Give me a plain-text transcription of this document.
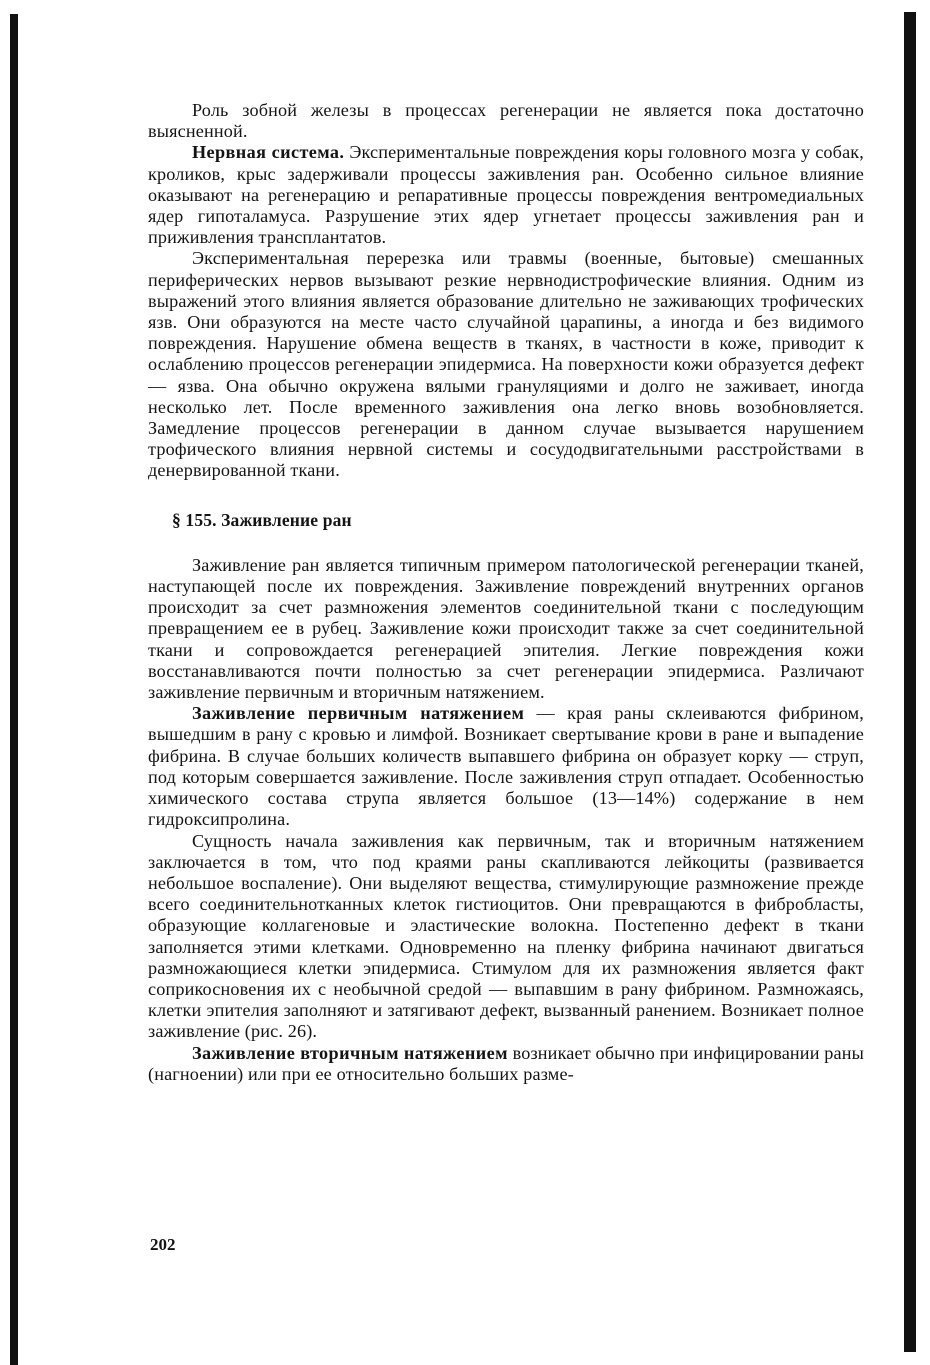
Роль зобной железы в процессах регенерации не является пока достаточно выясненной.

Нервная система. Экспериментальные повреждения коры головного мозга у собак, кроликов, крыс задерживали процессы заживления ран. Особенно сильное влияние оказывают на регенерацию и репаративные процессы повреждения вентромедиальных ядер гипоталамуса. Разрушение этих ядер угнетает процессы заживления ран и приживления трансплантатов.

Экспериментальная перерезка или травмы (военные, бытовые) смешанных периферических нервов вызывают резкие нервнодистрофические влияния. Одним из выражений этого влияния является образование длительно не заживающих трофических язв. Они образуются на месте часто случайной царапины, а иногда и без видимого повреждения. Нарушение обмена веществ в тканях, в частности в коже, приводит к ослаблению процессов регенерации эпидермиса. На поверхности кожи образуется дефект — язва. Она обычно окружена вялыми грануляциями и долго не заживает, иногда несколько лет. После временного заживления она легко вновь возобновляется. Замедление процессов регенерации в данном случае вызывается нарушением трофического влияния нервной системы и сосудодвигательными расстройствами в денервированной ткани.

§ 155. Заживление ран

Заживление ран является типичным примером патологической регенерации тканей, наступающей после их повреждения. Заживление повреждений внутренних органов происходит за счет размножения элементов соединительной ткани с последующим превращением ее в рубец. Заживление кожи происходит также за счет соединительной ткани и сопровождается регенерацией эпителия. Легкие повреждения кожи восстанавливаются почти полностью за счет регенерации эпидермиса. Различают заживление первичным и вторичным натяжением.

Заживление первичным натяжением — края раны склеиваются фибрином, вышедшим в рану с кровью и лимфой. Возникает свертывание крови в ране и выпадение фибрина. В случае больших количеств выпавшего фибрина он образует корку — струп, под которым совершается заживление. После заживления струп отпадает. Особенностью химического состава струпа является большое (13—14%) содержание в нем гидроксипролина.

Сущность начала заживления как первичным, так и вторичным натяжением заключается в том, что под краями раны скапливаются лейкоциты (развивается небольшое воспаление). Они выделяют вещества, стимулирующие размножение прежде всего соединительнотканных клеток гистиоцитов. Они превращаются в фибробласты, образующие коллагеновые и эластические волокна. Постепенно дефект в ткани заполняется этими клетками. Одновременно на пленку фибрина начинают двигаться размножающиеся клетки эпидермиса. Стимулом для их размножения является факт соприкосновения их с необычной средой — выпавшим в рану фибрином. Размножаясь, клетки эпителия заполняют и затягивают дефект, вызванный ранением. Возникает полное заживление (рис. 26).

Заживление вторичным натяжением возникает обычно при инфицировании раны (нагноении) или при ее относительно больших разме-

202
